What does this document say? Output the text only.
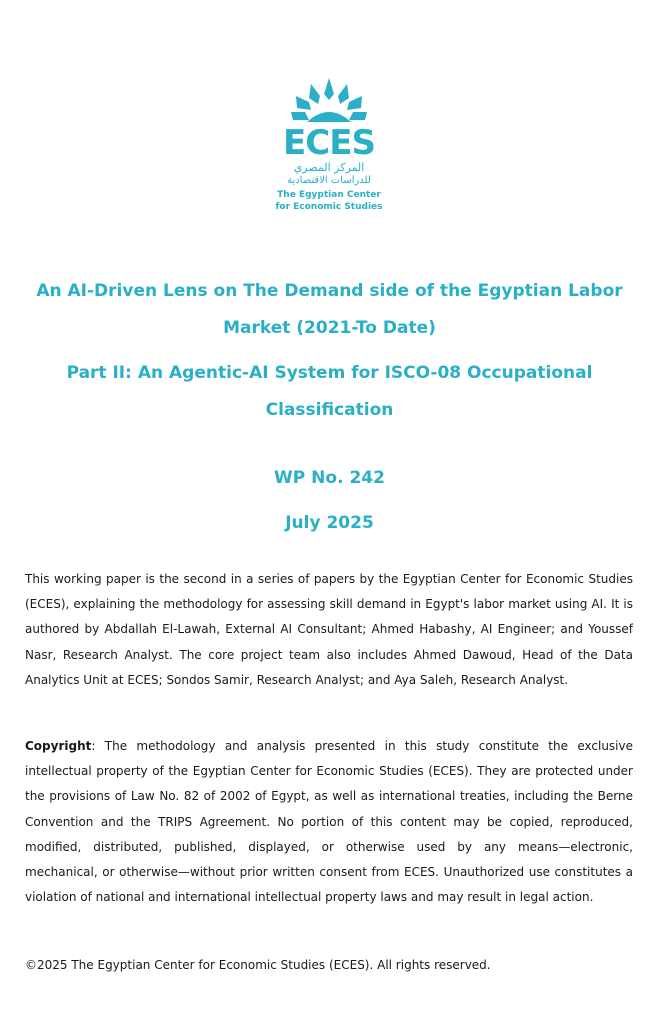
ECES
المركز المصري
للدراسات الاقتصادية
The Egyptian Center
for Economic Studies
An AI-Driven Lens on The Demand side of the Egyptian Labor Market (2021-To Date)
Part II: An Agentic-AI System for ISCO-08 Occupational Classification
WP No. 242
July 2025

This working paper is the second in a series of papers by the Egyptian Center for Economic Studies (ECES), explaining the methodology for assessing skill demand in Egypt's labor market using AI. It is authored by Abdallah El-Lawah, External AI Consultant; Ahmed Habashy, AI Engineer; and Youssef Nasr, Research Analyst. The core project team also includes Ahmed Dawoud, Head of the Data Analytics Unit at ECES; Sondos Samir, Research Analyst; and Aya Saleh, Research Analyst.

Copyright: The methodology and analysis presented in this study constitute the exclusive intellectual property of the Egyptian Center for Economic Studies (ECES). They are protected under the provisions of Law No. 82 of 2002 of Egypt, as well as international treaties, including the Berne Convention and the TRIPS Agreement. No portion of this content may be copied, reproduced, modified, distributed, published, displayed, or otherwise used by any means—electronic, mechanical, or otherwise—without prior written consent from ECES. Unauthorized use constitutes a violation of national and international intellectual property laws and may result in legal action.

©2025 The Egyptian Center for Economic Studies (ECES). All rights reserved.
